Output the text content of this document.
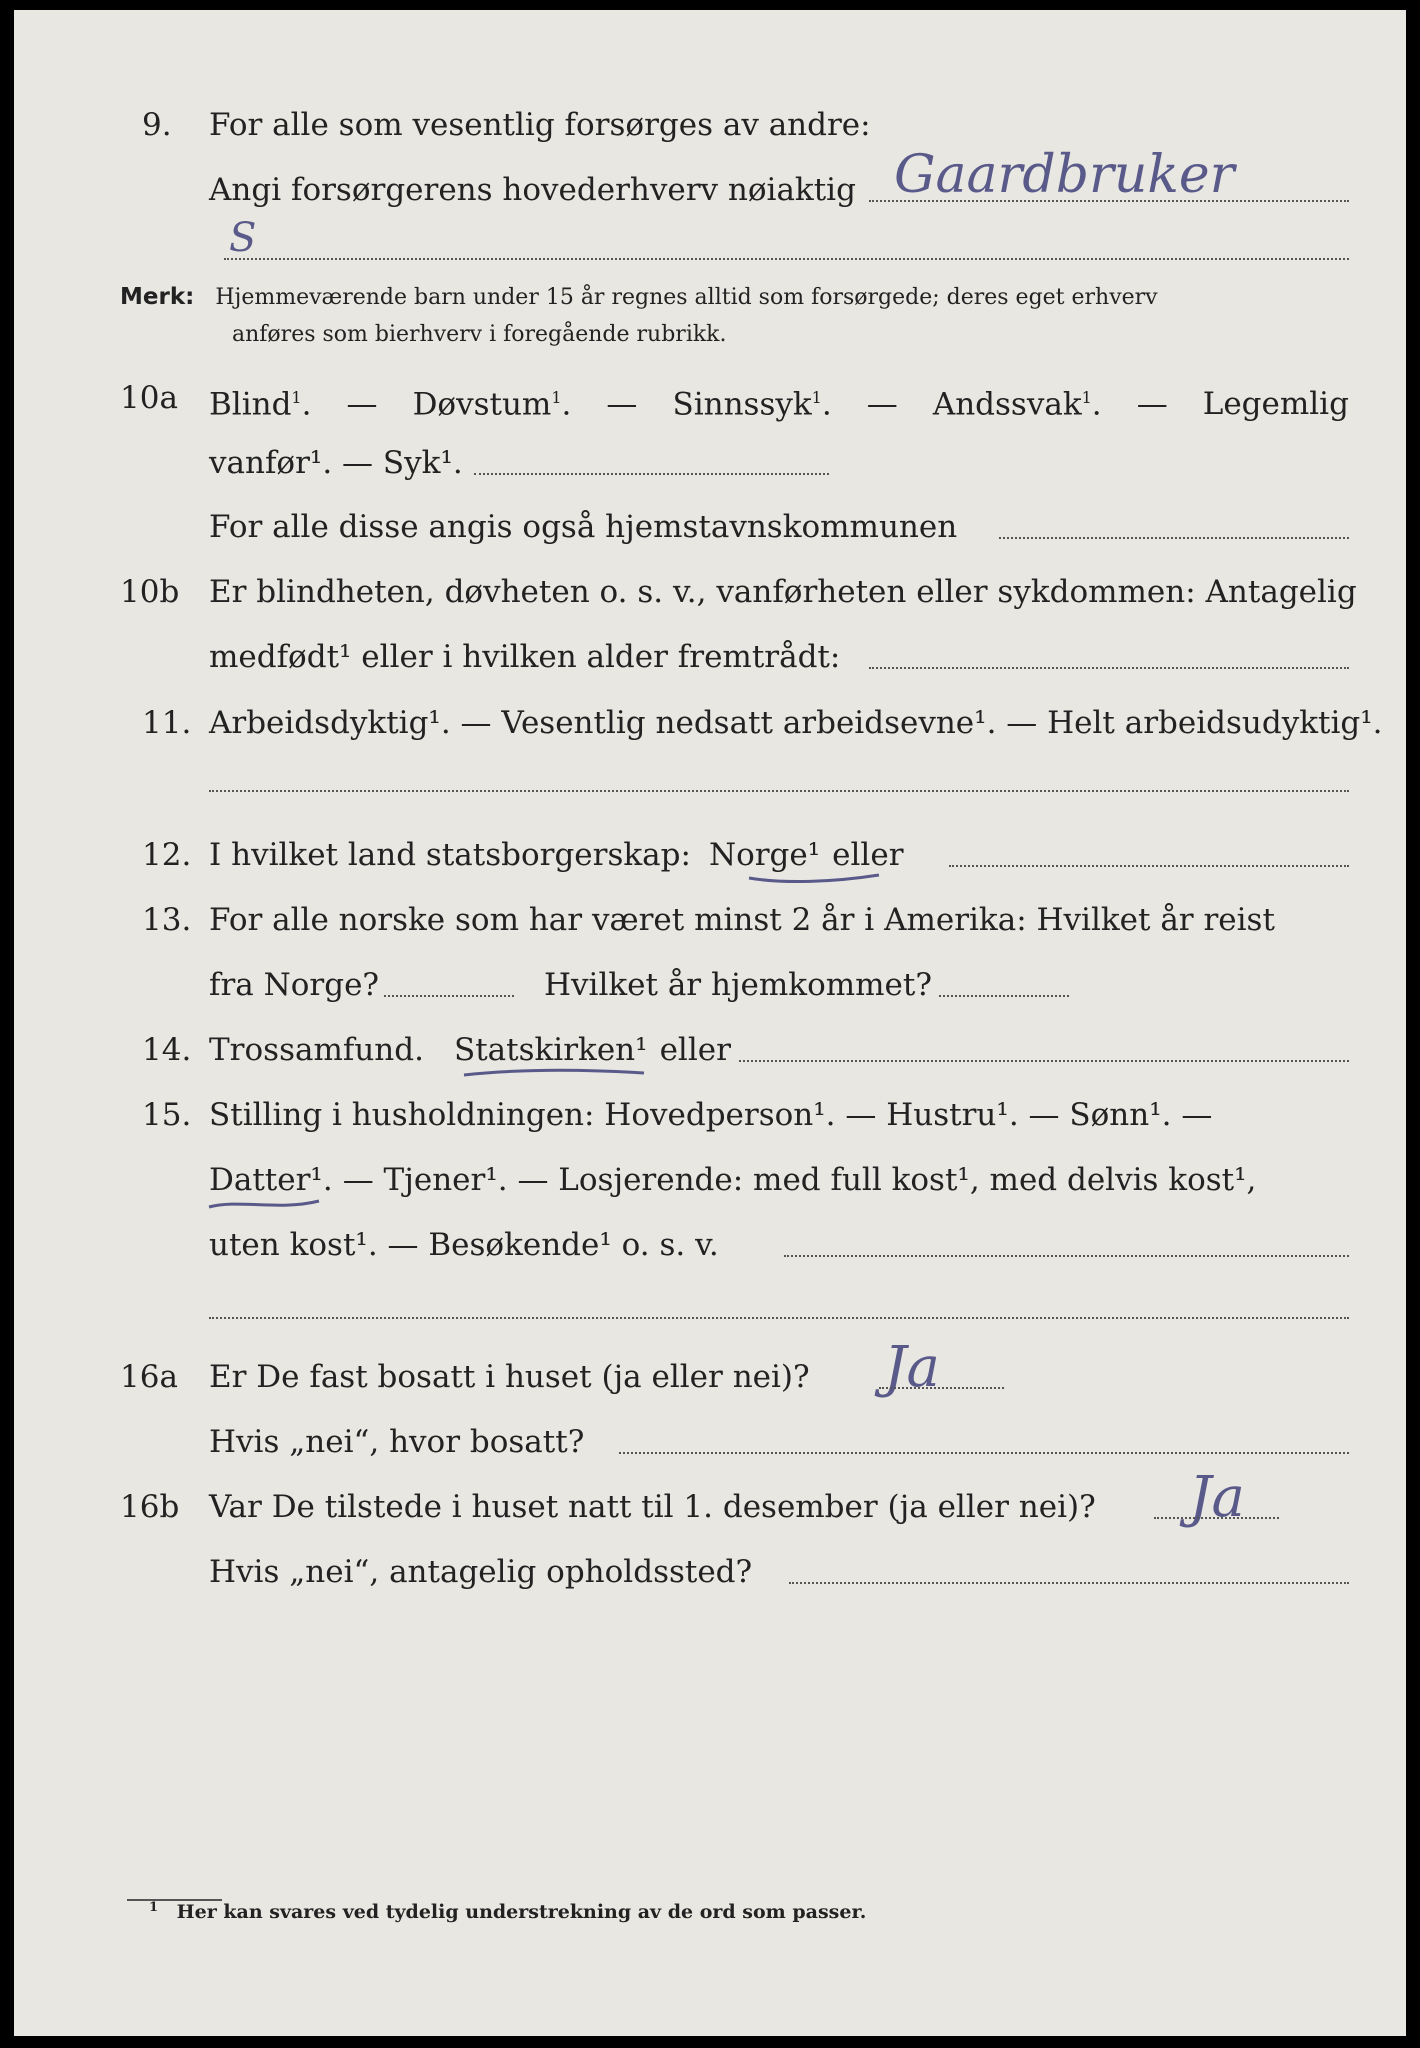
9. For alle som vesentlig forsørges av andre:
Angi forsørgerens hovederhverv nøiaktig Gaardbruker
S
Merk: Hjemmeværende barn under 15 år regnes alltid som forsørgede; deres eget erhverv
anføres som bierhverv i foregående rubrikk.
10a Blind$^1$. — Døvstum$^1$. — Sinnssyk$^1$. — Andssvak$^1$. — Legemlig
vanfør¹. — Syk¹.
For alle disse angis også hjemstavnskommunen
10b Er blindheten, døvheten o. s. v., vanførheten eller sykdommen: Antagelig
medfødt¹ eller i hvilken alder fremtrådt:
11. Arbeidsdyktig¹. — Vesentlig nedsatt arbeidsevne¹. — Helt arbeidsudyktig¹.
12. I hvilket land statsborgerskap: Norge¹ eller
13. For alle norske som har været minst 2 år i Amerika: Hvilket år reist
fra Norge?	Hvilket år hjemkommet?
14. Trossamfund. Statskirken¹ eller
15. Stilling i husholdningen: Hovedperson¹. — Hustru¹. — Sønn¹. —
Datter¹. — Tjener¹. — Losjerende: med full kost¹, med delvis kost¹,
uten kost¹. — Besøkende¹ o. s. v.
16a Er De fast bosatt i huset (ja eller nei)? Ja
Hvis „nei“, hvor bosatt?
16b Var De tilstede i huset natt til 1. desember (ja eller nei)? Ja
Hvis „nei“, antagelig opholdssted?
$^1$ Her kan svares ved tydelig understrekning av de ord som passer.
